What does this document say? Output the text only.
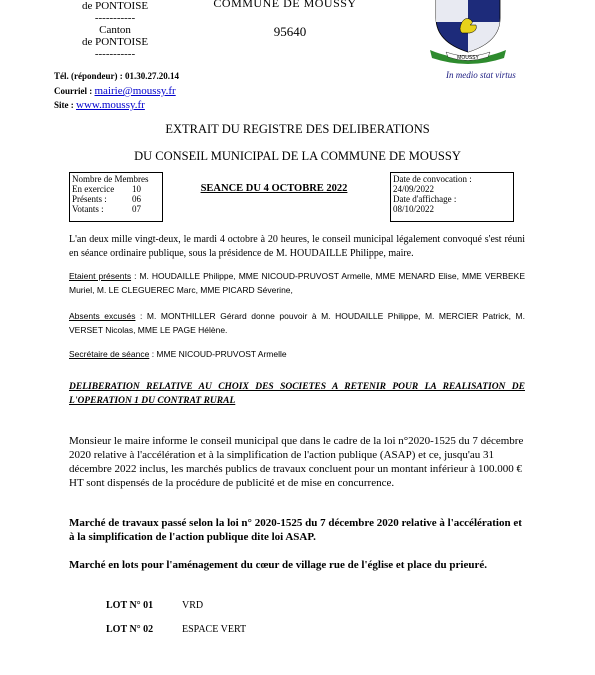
de PONTOISE
-----------
Canton
de PONTOISE
-----------
COMMUNE DE MOUSSY
95640
MOUSSY
In medio stat virtus
Tél. (répondeur) : 01.30.27.20.14
Courriel : mairie@moussy.fr
Site : www.moussy.fr
EXTRAIT DU REGISTRE DES DELIBERATIONS
DU CONSEIL MUNICIPAL DE LA COMMUNE DE MOUSSY
Nombre de Membres
En exercice	10
Présents :	06
Votants :	07
SEANCE DU 4 OCTOBRE 2022
Date de convocation :
24/09/2022
Date d'affichage :
08/10/2022
L'an deux mille vingt-deux, le mardi 4 octobre à 20 heures, le conseil municipal légalement convoqué s'est réuni en séance ordinaire publique, sous la présidence de M. HOUDAILLE Philippe, maire.
Etaient présents : M. HOUDAILLE Philippe, MME NICOUD-PRUVOST Armelle, MME MENARD Elise, MME VERBEKE Muriel, M. LE CLEGUEREC Marc, MME PICARD Séverine,
Absents excusés : M. MONTHILLER Gérard donne pouvoir à M. HOUDAILLE Philippe, M. MERCIER Patrick, M. VERSET Nicolas, MME LE PAGE Hélène.
Secrétaire de séance : MME NICOUD-PRUVOST Armelle
DELIBERATION RELATIVE AU CHOIX DES SOCIETES A RETENIR POUR LA REALISATION DE L'OPERATION 1 DU CONTRAT RURAL
Monsieur le maire informe le conseil municipal que dans le cadre de la loi n°2020-1525 du 7 décembre 2020 relative à l'accélération et à la simplification de l'action publique (ASAP) et ce, jusqu'au 31 décembre 2022 inclus, les marchés publics de travaux concluent pour un montant inférieur à 100.000 € HT sont dispensés de la procédure de publicité et de mise en concurrence.
Marché de travaux passé selon la loi n° 2020-1525 du 7 décembre 2020 relative à l'accélération et à la simplification de l'action publique dite loi ASAP.
Marché en lots pour l'aménagement du cœur de village rue de l'église et place du prieuré.
LOT N° 01	VRD
LOT N° 02	ESPACE VERT
